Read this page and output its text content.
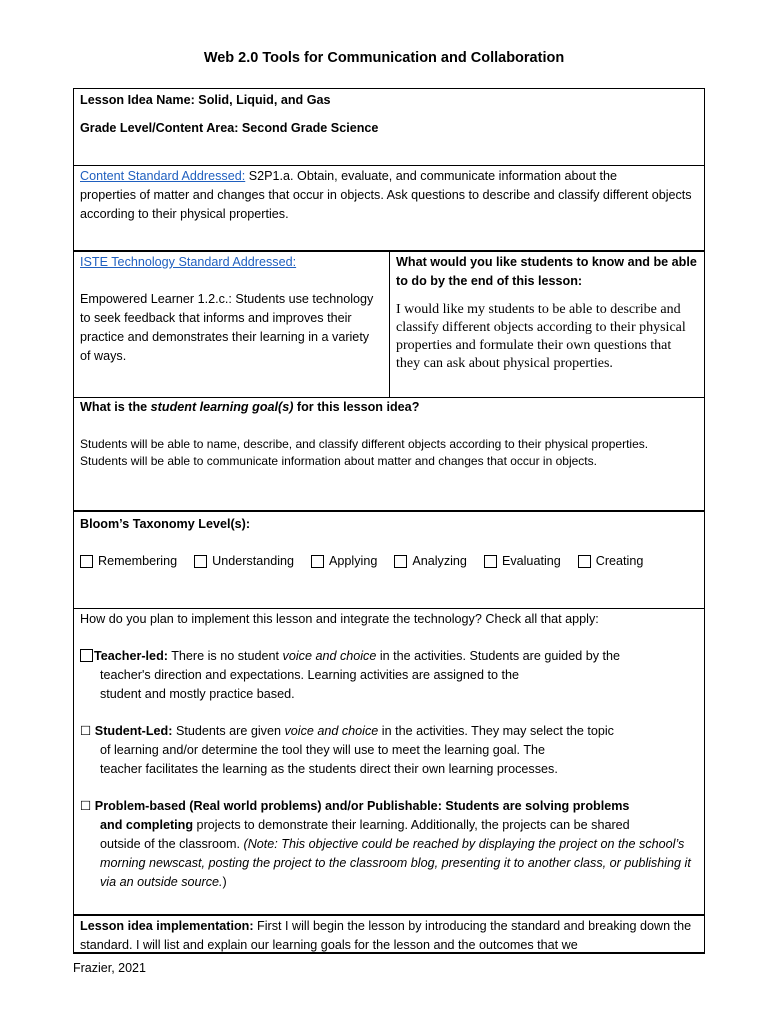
Web 2.0 Tools for Communication and Collaboration

Lesson Idea Name: Solid, Liquid, and Gas

Grade Level/Content Area: Second Grade Science

Content Standard Addressed: S2P1.a. Obtain, evaluate, and communicate information about the

properties of matter and changes that occur in objects. Ask questions to describe and classify different objects according to their physical properties.

ISTE Technology Standard Addressed:

Empowered Learner 1.2.c.: Students use technology to seek feedback that informs and improves their practice and demonstrates their learning in a variety of ways.

What would you like students to know and be able to do by the end of this lesson:

I would like my students to be able to describe and classify different objects according to their physical properties and formulate their own questions that they can ask about physical properties.

What is the student learning goal(s) for this lesson idea?

Students will be able to name, describe, and classify different objects according to their physical properties.

Students will be able to communicate information about matter and changes that occur in objects.

Bloom’s Taxonomy Level(s):

Remembering	Understanding	Applying	Analyzing	Evaluating	Creating

How do you plan to implement this lesson and integrate the technology? Check all that apply:

Teacher-led: There is no student voice and choice in the activities. Students are guided by the

teacher's direction and expectations. Learning activities are assigned to the

student and mostly practice based.

☐ Student-Led: Students are given voice and choice in the activities. They may select the topic

of learning and/or determine the tool they will use to meet the learning goal. The

teacher facilitates the learning as the students direct their own learning processes.

☐ Problem-based (Real world problems) and/or Publishable: Students are solving problems

and completing projects to demonstrate their learning. Additionally, the projects can be shared

outside of the classroom. (Note: This objective could be reached by displaying the project on the school’s morning newscast, posting the project to the classroom blog, presenting it to another class, or publishing it via an outside source.)

Lesson idea implementation: First I will begin the lesson by introducing the standard and breaking down the standard. I will list and explain our learning goals for the lesson and the outcomes that we

Frazier, 2021
